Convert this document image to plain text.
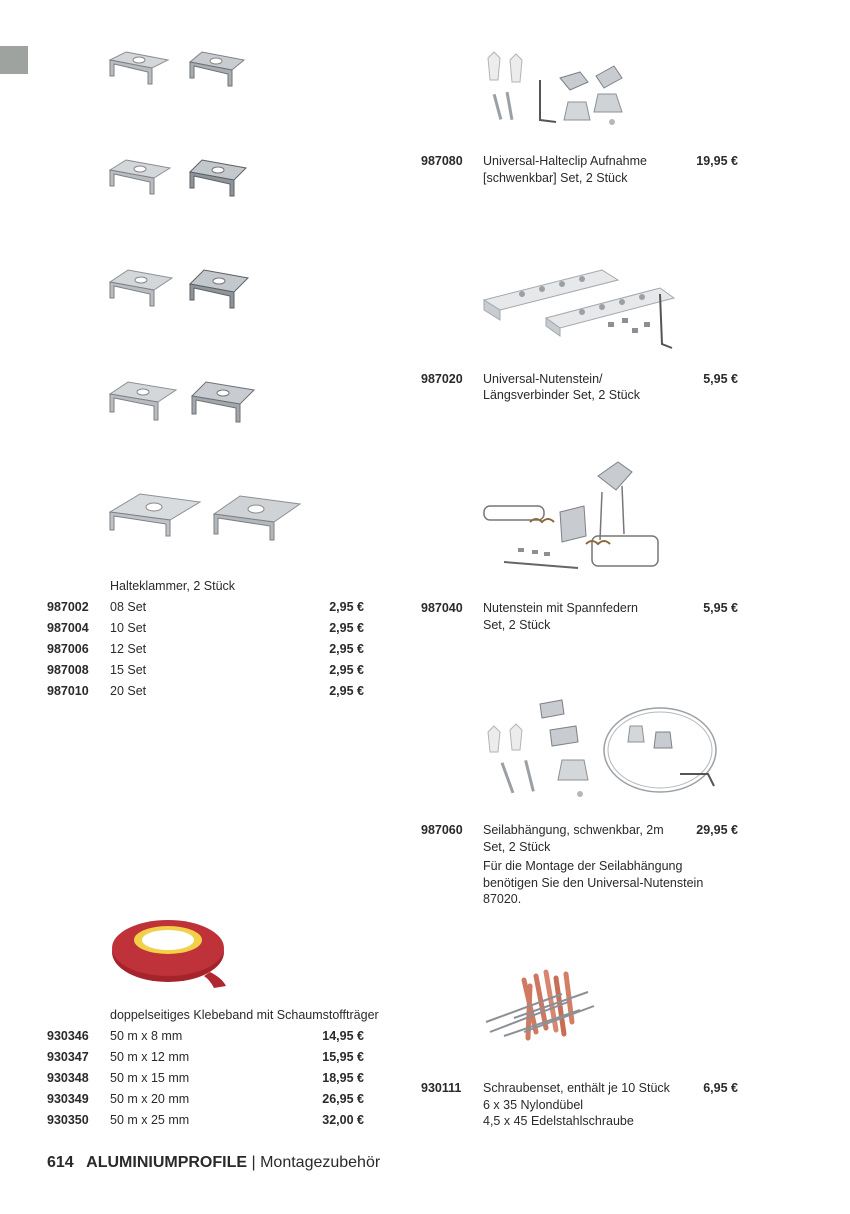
Halteklammer, 2 Stück
987002 08 Set	2,95 €
987004 10 Set	2,95 €
987006 12 Set	2,95 €
987008 15 Set	2,95 €
987010 20 Set	2,95 €
doppelseitiges Klebeband mit Schaumstoffträger
930346 50 m x 8 mm	14,95 €
930347 50 m x 12 mm	15,95 €
930348 50 m x 15 mm	18,95 €
930349 50 m x 20 mm	26,95 €
930350 50 m x 25 mm	32,00 €
987080 Universal-Halteclip Aufnahme
[schwenkbar] Set, 2 Stück
19,95 €
987020 Universal-Nutenstein/
Längsverbinder Set, 2 Stück
5,95 €
987040 Nutenstein mit Spannfedern
Set, 2 Stück
5,95 €
987060 Seilabhängung, schwenkbar, 2m
Set, 2 Stück
29,95 €
Für die Montage der Seilabhängung
benötigen Sie den Universal-Nutenstein
87020.
930111 Schraubenset, enthält je 10 Stück
6 x 35 Nylondübel
4,5 x 45 Edelstahlschraube
6,95 €
614 ALUMINIUMPROFILE | Montagezubehör
